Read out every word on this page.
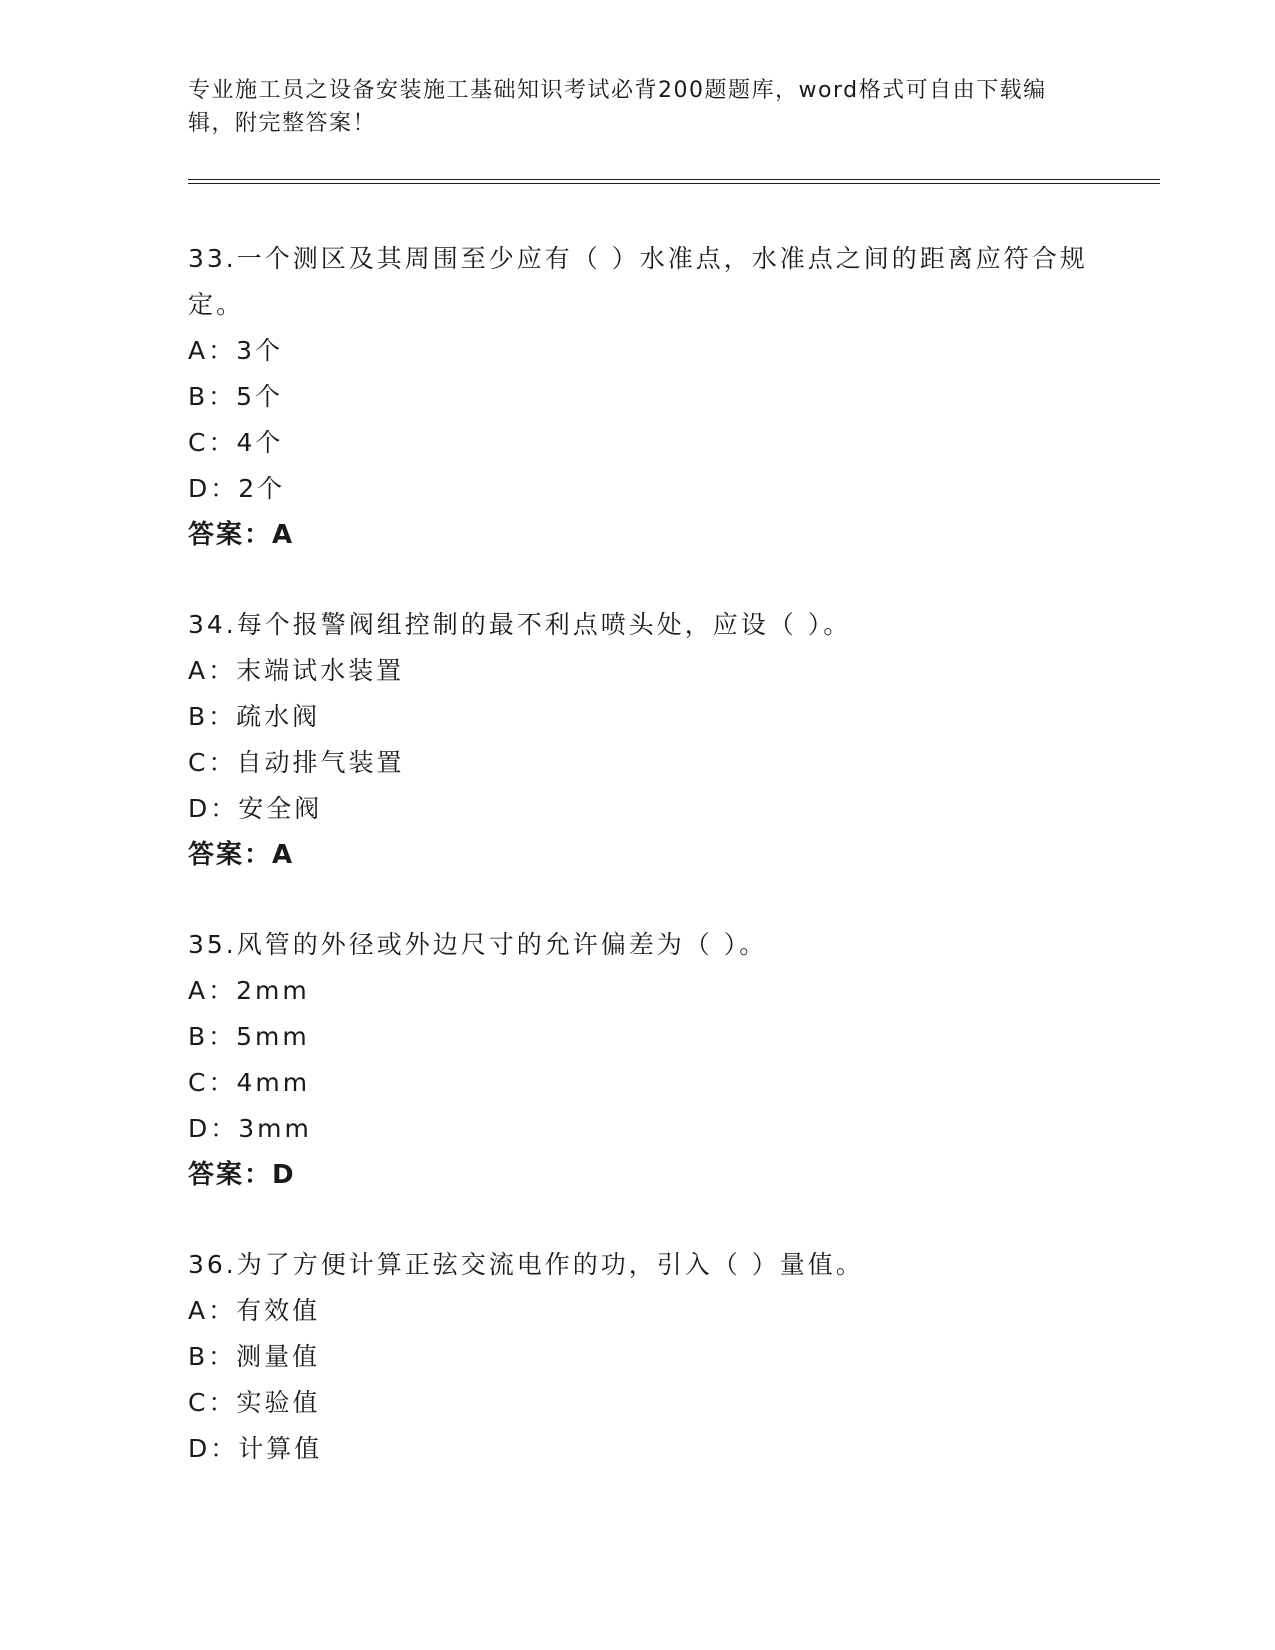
专业施工员之设备安装施工基础知识考试必背200题题库，word格式可自由下载编辑，附完整答案！
33.一个测区及其周围至少应有（ ）水准点，水准点之间的距离应符合规定。
A：3个
B：5个
C：4个
D：2个
答案：A
34.每个报警阀组控制的最不利点喷头处，应设（ ）。
A：末端试水装置
B：疏水阀
C：自动排气装置
D：安全阀
答案：A
35.风管的外径或外边尺寸的允许偏差为（ ）。
A：2mm
B：5mm
C：4mm
D：3mm
答案：D
36.为了方便计算正弦交流电作的功，引入（ ）量值。
A：有效值
B：测量值
C：实验值
D：计算值
